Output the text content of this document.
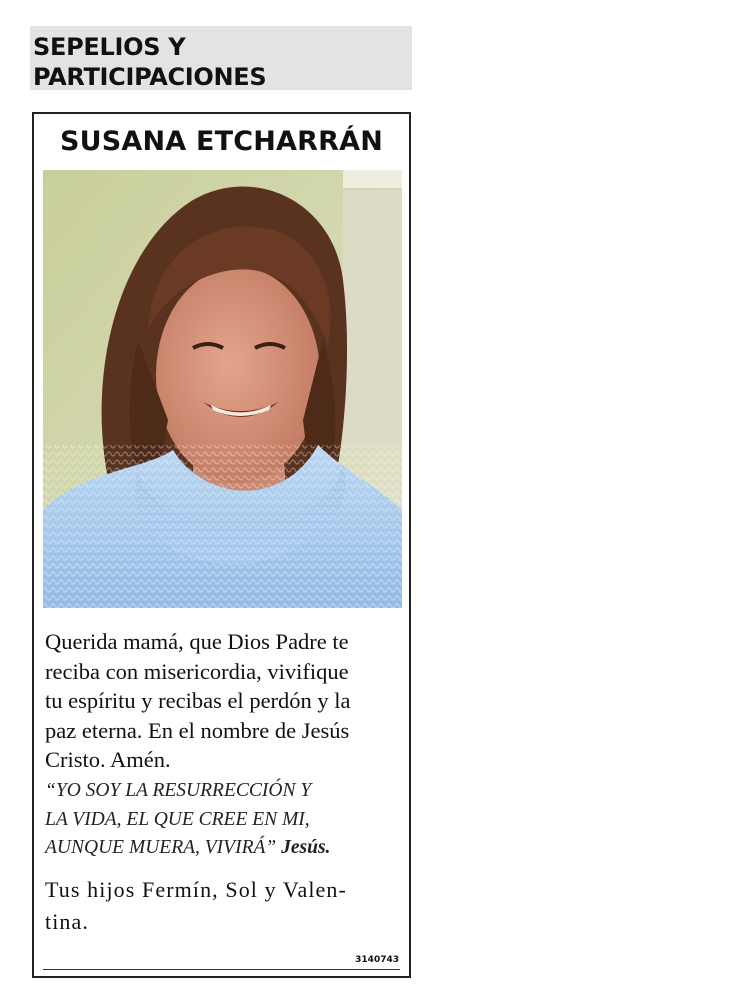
SEPELIOS Y
PARTICIPACIONES
SUSANA ETCHARRÁN
Querida mamá, que Dios Padre te
reciba con misericordia, vivifique
tu espíritu y recibas el perdón y la
paz eterna. En el nombre de Jesús
Cristo. Amén.
“YO SOY LA RESURRECCIÓN Y
LA VIDA, EL QUE CREE EN MI,
AUNQUE MUERA, VIVIRÁ” Jesús.
Tus hijos Fermín, Sol y Valen-
tina.
3140743
